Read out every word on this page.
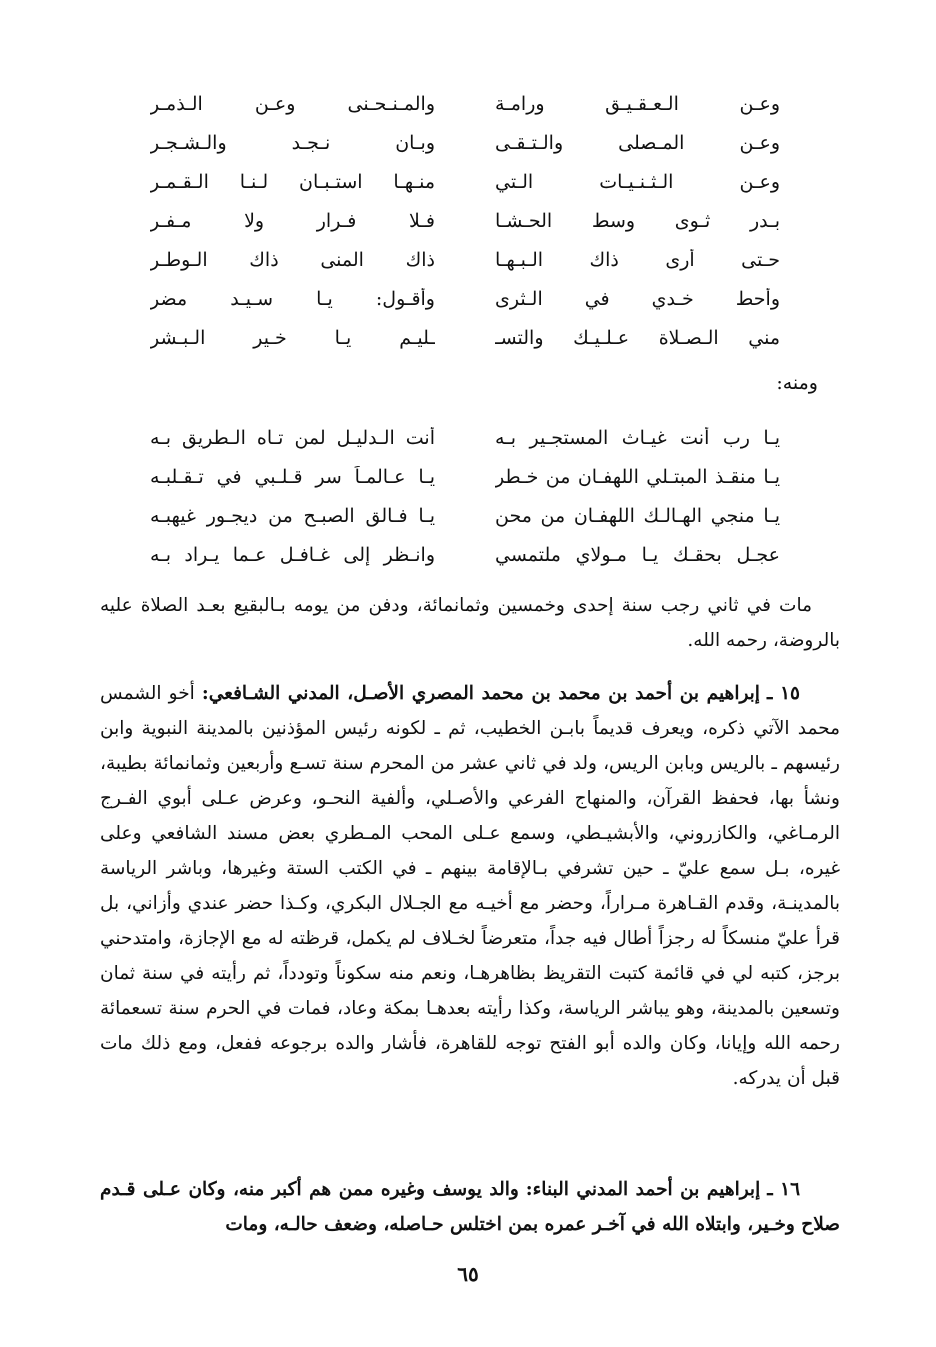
وعـن الـعـقـيـق ورامـة
والمـنـحـنى وعـن الـذمـر
وعـن المـصلى والـتـقـى
وبـان نـجـد والـشـجـر
وعـن الـثـنـيـات الـتي
منـهـا استـبـان لـنـا الـقـمـر
بـدر ثـوى وسط الحـشـا
فـلا فـرار ولا مـفـر
حـتى أرى ذاك الـبـهـا
ذاك المنى ذاك الـوطـر
وأحط خـدي في الـثرى
وأقـول: يـا سـيـد مضر
مني الـصـلاة عـلـيـك والتسـ
ـليـم يـا خـير الـبـشر
ومنه:
يـا رب أنت غيـاث المستجـير بـه
أنت الـدليـل لمن تـاه الـطريق بـه
يـا منقـذ المبتـلي اللهفـان من خـطر
يـا عـالمـاً سر قـلـبي في تـقـلبـه
يـا منجي الهـالـك اللهفـان من محن
يـا فـالق الصبـح من ديجـور غيهبـه
عجـل بحقـك يـا مـولاي ملتمسي
وانـظر إلى غـافـل عـما يـراد بـه

مات في ثاني رجب سنة إحدى وخمسين وثمانمائة، ودفن من يومه بـالبقيع بعـد الصلاة عليه بالروضة، رحمه الله.

١٥ ـ إبراهيم بن أحمد بن محمد بن محمد المصري الأصـل، المدني الشـافعي: أخو الشمس محمد الآتي ذكره، ويعرف قديماً بابـن الخطيب، ثم ـ لكونه رئيس المؤذنين بالمدينة النبوية وابن رئيسهم ـ بالريس وبابن الريس، ولد في ثاني عشر من المحرم سنة تسـع وأربعين وثمانمائة بطيبة، ونشأ بها، فحفظ القرآن، والمنهاج الفرعي والأصـلي، وألفية النحـو، وعرض عـلى أبوي الفـرج الرمـاغي، والكازروني، والأبشيـطي، وسمع عـلى المحب المـطري بعض مسند الشافعي وعلى غيره، بـل سمع عليّ ـ حين تشرفي بـالإقامة بينهم ـ في الكتب الستة وغيرها، وباشر الرياسة بالمدينـة، وقدم القـاهرة مـراراً، وحضر مع أخيـه مع الجـلال البكري، وكـذا حضر عندي وأزاني، بل قرأ عليّ منسكاً له رجزاً أطال فيه جداً، متعرضاً لخـلاف لم يكمل، قرظته له مع الإجازة، وامتدحني برجز، كتبه لي في قائمة كتبت التقريظ بظاهرهـا، ونعم منه سكوناً وتودداً، ثم رأيته في سنة ثمان وتسعين بالمدينة، وهو يباشر الرياسة، وكذا رأيته بعدهـا بمكة وعاد، فمات في الحرم سنة تسعمائة رحمه الله وإيانا، وكان والده أبو الفتح توجه للقاهرة، فأشار والده برجوعه ففعل، ومع ذلك مات قبل أن يدركه.

١٦ ـ إبراهيم بن أحمد المدني البناء: والد يوسف وغيره ممن هم أكبر منه، وكان عـلى قـدم صلاح وخـير، وابتلاه الله في آخـر عمره بمن اختلس حـاصله، وضعف حالـه، ومات

٦٥
